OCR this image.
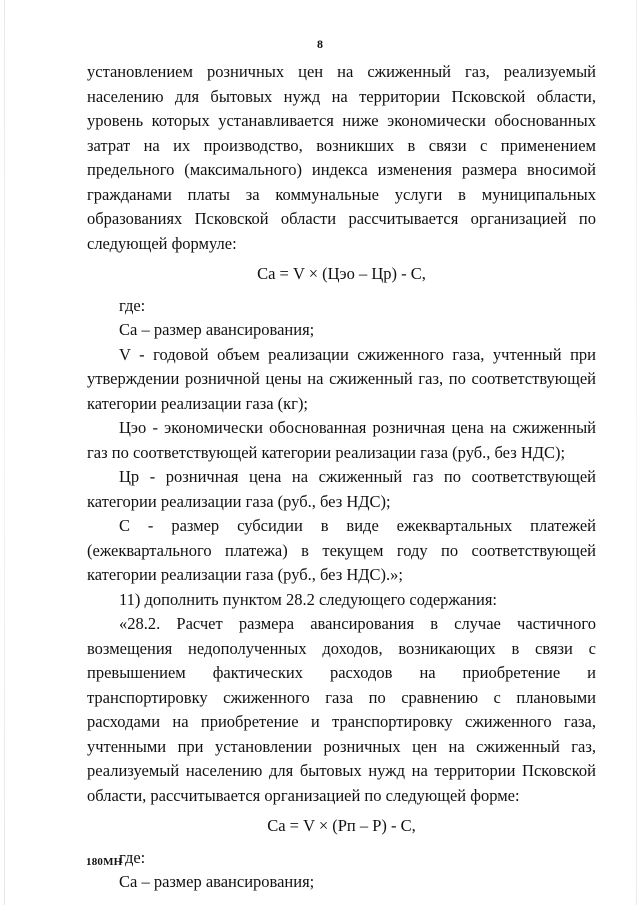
8

установлением розничных цен на сжиженный газ, реализуемый населению для бытовых нужд на территории Псковской области, уровень которых устанавливается ниже экономически обоснованных затрат на их производство, возникших в связи с применением предельного (максимального) индекса изменения размера вносимой гражданами платы за коммунальные услуги в муниципальных образованиях Псковской области рассчитывается организацией по следующей формуле:

Са = V × (Цэо – Цр) - С,

где:

Са – размер авансирования;

V - годовой объем реализации сжиженного газа, учтенный при утверждении розничной цены на сжиженный газ, по соответствующей категории реализации газа (кг);

Цэо - экономически обоснованная розничная цена на сжиженный газ по соответствующей категории реализации газа (руб., без НДС);

Цр - розничная цена на сжиженный газ по соответствующей категории реализации газа (руб., без НДС);

С - размер субсидии в виде ежеквартальных платежей (ежеквартального платежа) в текущем году по соответствующей категории реализации газа (руб., без НДС).»;

11) дополнить пунктом 28.2 следующего содержания:

«28.2. Расчет размера авансирования в случае частичного возмещения недополученных доходов, возникающих в связи с превышением фактических расходов на приобретение и транспортировку сжиженного газа по сравнению с плановыми расходами на приобретение и транспортировку сжиженного газа, учтенными при установлении розничных цен на сжиженный газ, реализуемый населению для бытовых нужд на территории Псковской области, рассчитывается организацией по следующей форме:

Са = V × (Рп – Р) - С,

где:

Са – размер авансирования;

180МН
